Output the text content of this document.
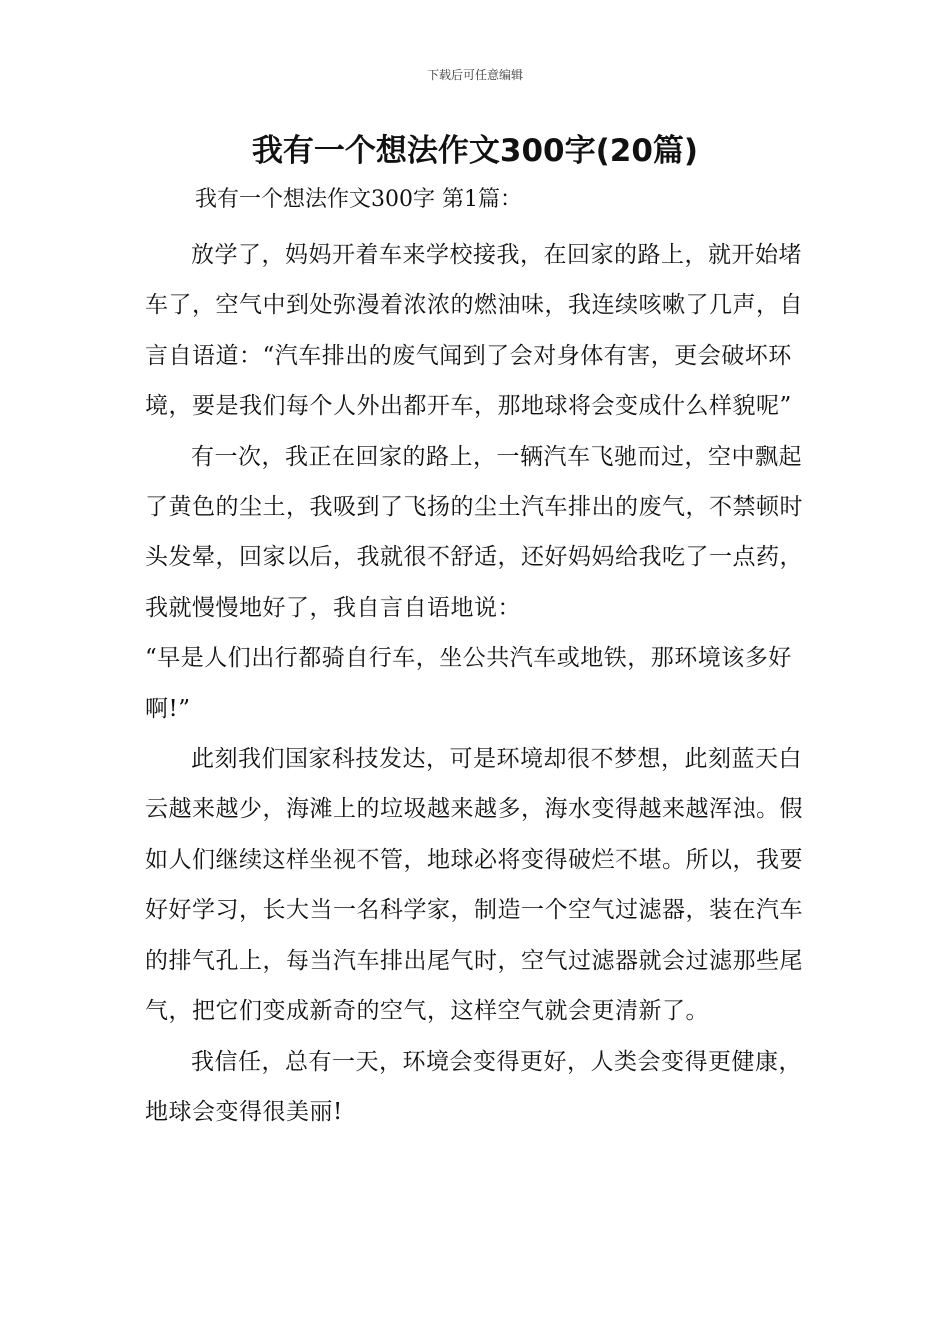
下载后可任意编辑
我有一个想法作文300字(20篇)
我有一个想法作文300字 第1篇：

放学了，妈妈开着车来学校接我，在回家的路上，就开始堵车了，空气中到处弥漫着浓浓的燃油味，我连续咳嗽了几声，自言自语道：“汽车排出的废气闻到了会对身体有害，更会破坏环境，要是我们每个人外出都开车，那地球将会变成什么样貌呢”

有一次，我正在回家的路上，一辆汽车飞驰而过，空中飘起了黄色的尘土，我吸到了飞扬的尘土汽车排出的废气，不禁顿时头发晕，回家以后，我就很不舒适，还好妈妈给我吃了一点药，我就慢慢地好了，我自言自语地说：

“早是人们出行都骑自行车，坐公共汽车或地铁，那环境该多好啊!”

此刻我们国家科技发达，可是环境却很不梦想，此刻蓝天白云越来越少，海滩上的垃圾越来越多，海水变得越来越浑浊。假如人们继续这样坐视不管，地球必将变得破烂不堪。所以，我要好好学习，长大当一名科学家，制造一个空气过滤器，装在汽车的排气孔上，每当汽车排出尾气时，空气过滤器就会过滤那些尾气，把它们变成新奇的空气，这样空气就会更清新了。

我信任，总有一天，环境会变得更好，人类会变得更健康，地球会变得很美丽!
